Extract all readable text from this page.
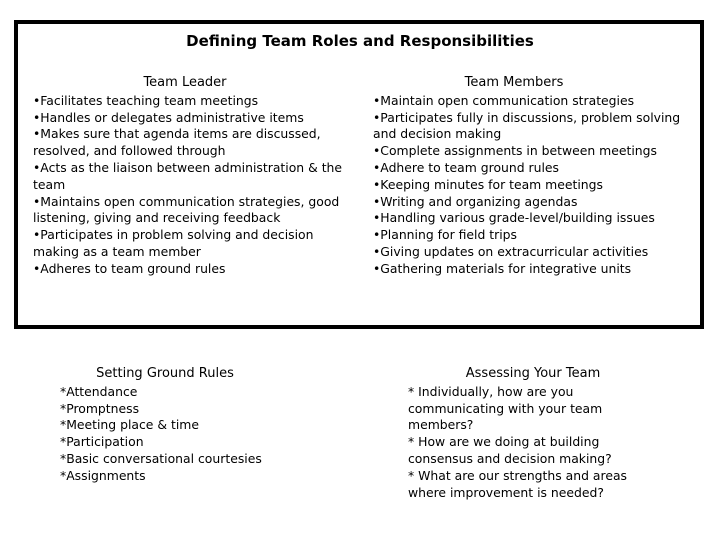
Defining Team Roles and Responsibilities
Team Leader
•Facilitates teaching team meetings
•Handles or delegates administrative items
•Makes sure that agenda items are discussed, resolved, and followed through
•Acts as the liaison between administration & the team
•Maintains open communication strategies, good listening, giving and receiving feedback
•Participates in problem solving and decision making as a team member
•Adheres to team ground rules
Team Members
•Maintain open communication strategies
•Participates fully in discussions, problem solving and decision making
•Complete assignments in between meetings
•Adhere to team ground rules
•Keeping minutes for team meetings
•Writing and organizing agendas
•Handling various grade-level/building issues
•Planning for field trips
•Giving updates on extracurricular activities
•Gathering materials for integrative units
Setting Ground Rules
*Attendance
*Promptness
*Meeting place & time
*Participation
*Basic conversational courtesies
*Assignments
Assessing Your Team
* Individually, how are you communicating with your team members?
* How are we doing at building consensus and decision making?
* What are our strengths and areas where improvement is needed?
